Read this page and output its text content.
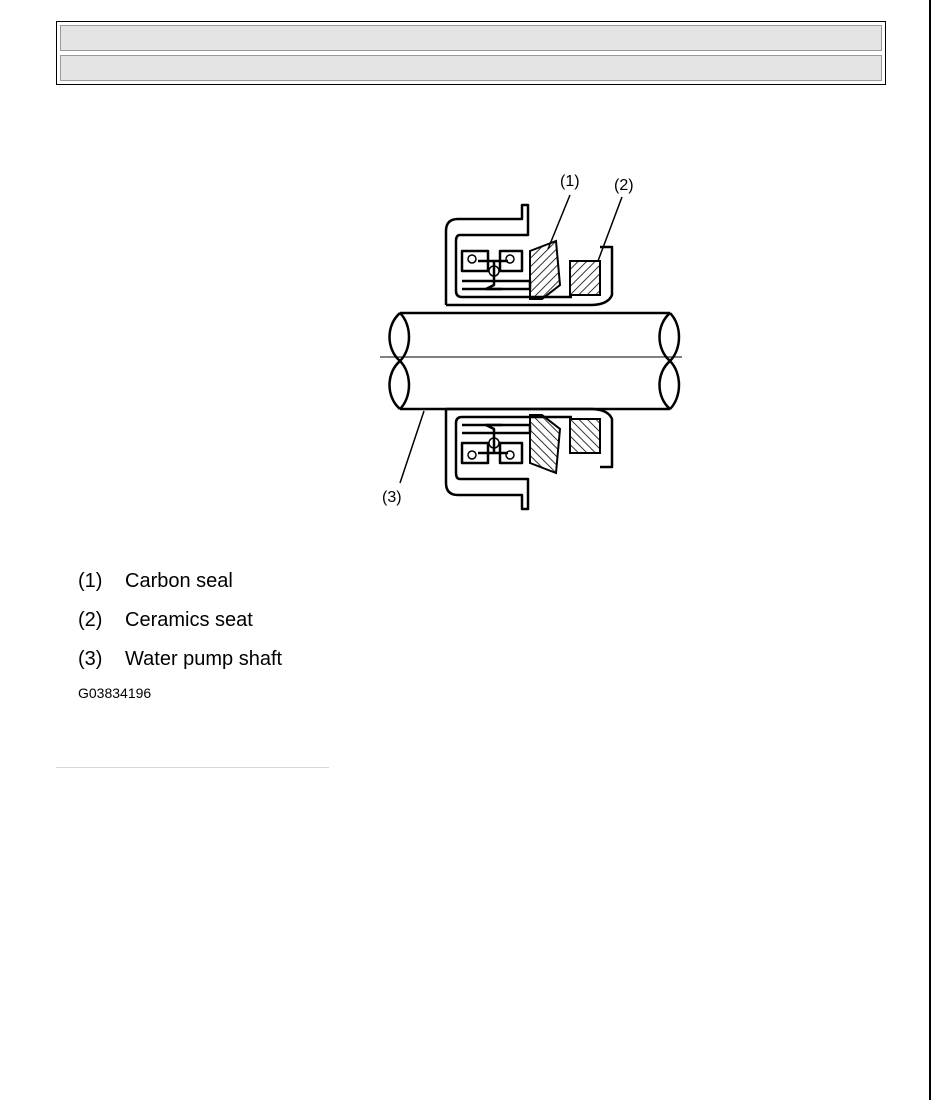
(1) (2)
(3)
(1) Carbon seal
(2) Ceramics seat
(3) Water pump shaft
G03834196
